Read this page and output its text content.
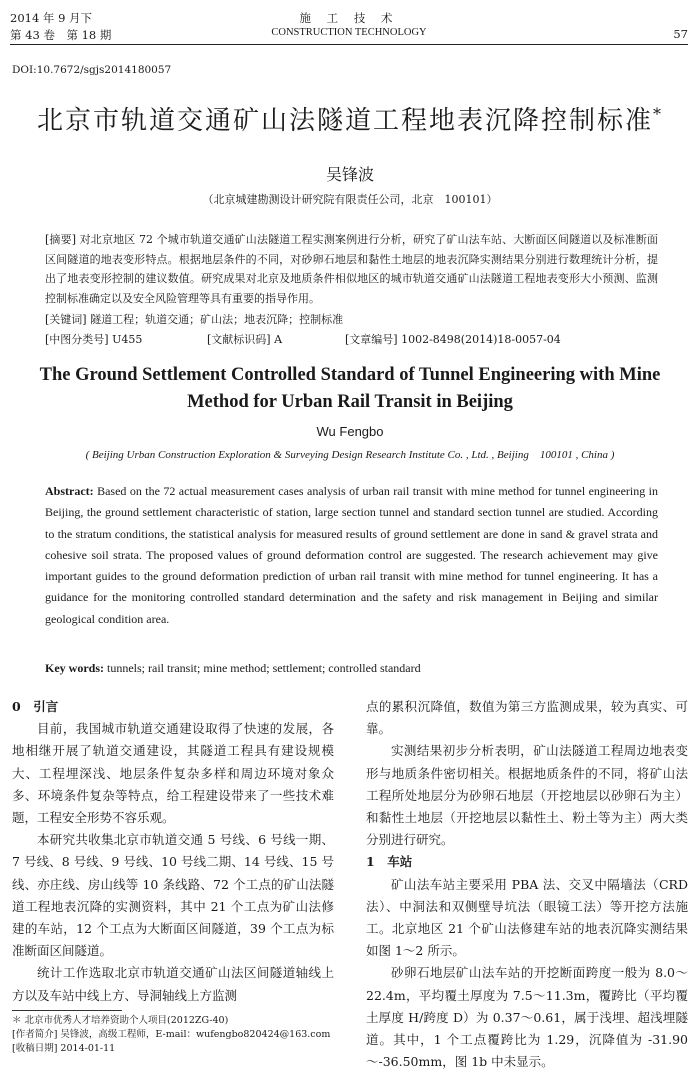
2014 年 9 月下
第 43 卷　第 18 期
施 工 技 术
CONSTRUCTION TECHNOLOGY	57
DOI:10.7672/sgjs2014180057
北京市轨道交通矿山法隧道工程地表沉降控制标准*
吴锋波
（北京城建勘测设计研究院有限责任公司，北京　100101）
[摘要] 对北京地区 72 个城市轨道交通矿山法隧道工程实测案例进行分析，研究了矿山法车站、大断面区间隧道以及标准断面区间隧道的地表变形特点。根据地层条件的不同，对砂卵石地层和黏性土地层的地表沉降实测结果分别进行数理统计分析，提出了地表变形控制的建议数值。研究成果对北京及地质条件相似地区的城市轨道交通矿山法隧道工程地表变形大小预测、监测控制标准确定以及安全风险管理等具有重要的指导作用。
[关键词] 隧道工程；轨道交通；矿山法；地表沉降；控制标准
[中图分类号] U455	[文献标识码] A	[文章编号] 1002-8498(2014)18-0057-04
The Ground Settlement Controlled Standard of Tunnel Engineering with Mine Method for Urban Rail Transit in Beijing
Wu Fengbo
( Beijing Urban Construction Exploration & Surveying Design Research Institute Co. , Ltd. , Beijing　100101 , China )
Abstract: Based on the 72 actual measurement cases analysis of urban rail transit with mine method for tunnel engineering in Beijing, the ground settlement characteristic of station, large section tunnel and standard section tunnel are studied. According to the stratum conditions, the statistical analysis for measured results of ground settlement are done in sand & gravel strata and cohesive soil strata. The proposed values of ground deformation control are suggested. The research achievement may give important guides to the ground deformation prediction of urban rail transit with mine method for tunnel engineering. It has a guidance for the monitoring controlled standard determination and the safety and risk management in Beijing and similar geological condition area.
Key words: tunnels; rail transit; mine method; settlement; controlled standard
0　引言

目前，我国城市轨道交通建设取得了快速的发展，各地相继开展了轨道交通建设，其隧道工程具有建设规模大、工程埋深浅、地层条件复杂多样和周边环境对象众多、环境条件复杂等特点，给工程建设带来了一些技术难题，工程安全形势不容乐观。

本研究共收集北京市轨道交通 5 号线、6 号线一期、7 号线、8 号线、9 号线、10 号线二期、14 号线、15 号线、亦庄线、房山线等 10 条线路、72 个工点的矿山法隧道工程地表沉降的实测资料，其中 21 个工点为矿山法修建的车站，12 个工点为大断面区间隧道，39 个工点为标准断面区间隧道。

统计工作选取北京市轨道交通矿山法区间隧道轴线上方以及车站中线上方、导洞轴线上方监测

点的累积沉降值，数值为第三方监测成果，较为真实、可靠。

实测结果初步分析表明，矿山法隧道工程周边地表变形与地质条件密切相关。根据地质条件的不同，将矿山法工程所处地层分为砂卵石地层（开挖地层以砂卵石为主）和黏性土地层（开挖地层以黏性土、粉土等为主）两大类分别进行研究。

1　车站

矿山法车站主要采用 PBA 法、交叉中隔墙法（CRD 法）、中洞法和双侧壁导坑法（眼镜工法）等开挖方法施工。北京地区 21 个矿山法修建车站的地表沉降实测结果如图 1～2 所示。

砂卵石地层矿山法车站的开挖断面跨度一般为 8.0～22.4m，平均覆土厚度为 7.5～11.3m，覆跨比（平均覆土厚度 H/跨度 D）为 0.37～0.61，属于浅埋、超浅埋隧道。其中，1 个工点覆跨比为 1.29，沉降值为 -31.90～-36.50mm，图 1b 中未显示。

＊ 北京市优秀人才培养资助个人项目(2012ZG-40)
[作者简介] 吴锋波，高级工程师，E-mail：wufengbo820424@163.com
[收稿日期] 2014-01-11
